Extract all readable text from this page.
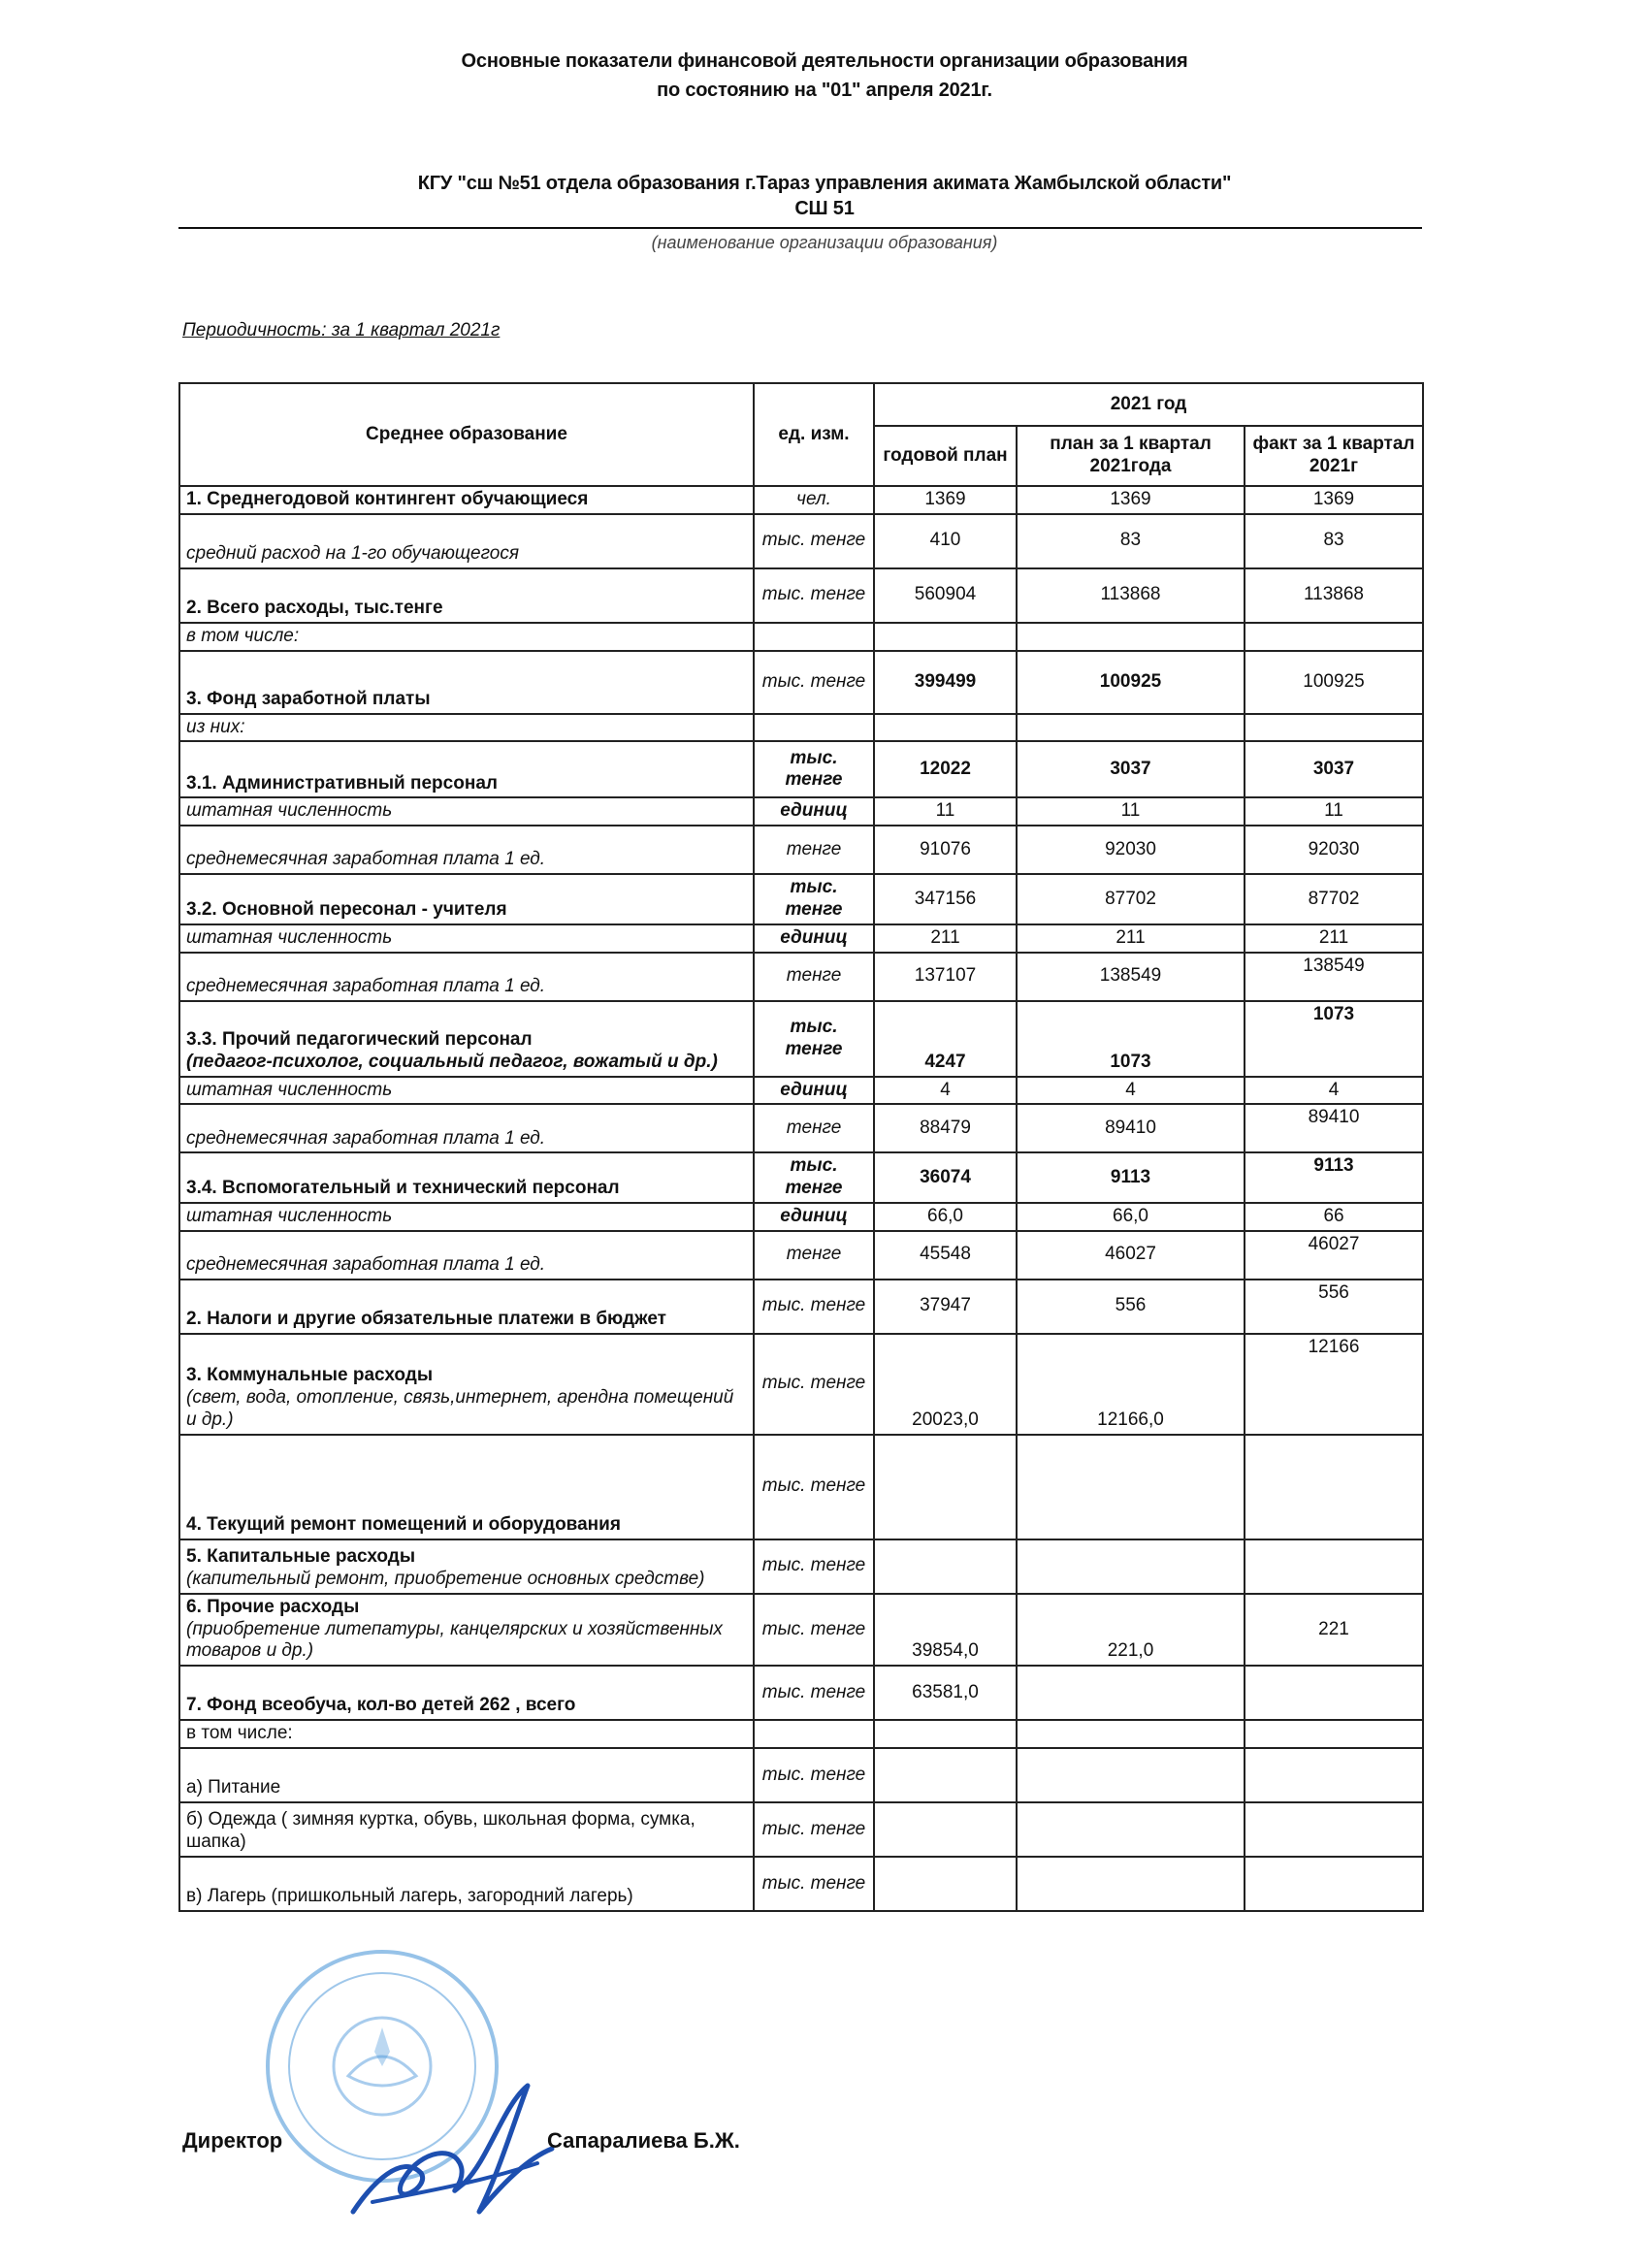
Основные показатели финансовой деятельности организации образования
по состоянию на "01" апреля 2021г.
КГУ "сш №51 отдела образования г.Тараз управления акимата Жамбылской области"
СШ 51
(наименование организации образования)
Периодичность: за 1 квартал 2021г
Среднее образование	ед. изм.	2021 год		
		годовой план	план за 1 квартал 2021года	факт за 1 квартал 2021г
1. Среднегодовой контингент обучающиеся	чел.	1369	1369	1369
средний расход на 1-го обучающегося	тыс. тенге	410	83	83
2. Всего расходы, тыс.тенге	тыс. тенге	560904	113868	113868
в том числе:				
3. Фонд заработной платы	тыс. тенге	399499	100925	100925
из них:				
3.1. Административный персонал	тыс. тенге	12022	3037	3037
штатная численность	единиц	11	11	11
среднемесячная заработная плата 1 ед.	тенге	91076	92030	92030
3.2. Основной пересонал - учителя	тыс. тенге	347156	87702	87702
штатная численность	единиц	211	211	211
среднемесячная заработная плата 1 ед.	тенге	137107	138549	138549
3.3. Прочий педагогический персонал
(педагог-психолог, социальный педагог, вожатый и др.)	тыс. тенге	4247	1073	1073
штатная численность	единиц	4	4	4
среднемесячная заработная плата 1 ед.	тенге	88479	89410	89410
3.4. Вспомогательный и технический персонал	тыс. тенге	36074	9113	9113
штатная численность	единиц	66,0	66,0	66
среднемесячная заработная плата 1 ед.	тенге	45548	46027	46027
2. Налоги и другие обязательные платежи в бюджет	тыс. тенге	37947	556	556
3. Коммунальные расходы
(свет, вода, отопление, связь,интернет, арендна помещений и др.)	тыс. тенге	20023,0	12166,0	12166
4. Текущий ремонт помещений и оборудования	тыс. тенге			
5. Капитальные расходы
(капительный ремонт, приобретение основных средстве)	тыс. тенге			
6. Прочие расходы
(приобретение литепатуры, канцелярских и хозяйственных товаров и др.)	тыс. тенге	39854,0	221,0	221
7. Фонд всеобуча, кол-во детей 262 , всего	тыс. тенге	63581,0		
в том числе:				
а) Питание	тыс. тенге			
б) Одежда ( зимняя куртка, обувь, школьная форма, сумка, шапка)	тыс. тенге			
в) Лагерь (пришкольный лагерь, загородний лагерь)	тыс. тенге			
Директор	Сапаралиева Б.Ж.
